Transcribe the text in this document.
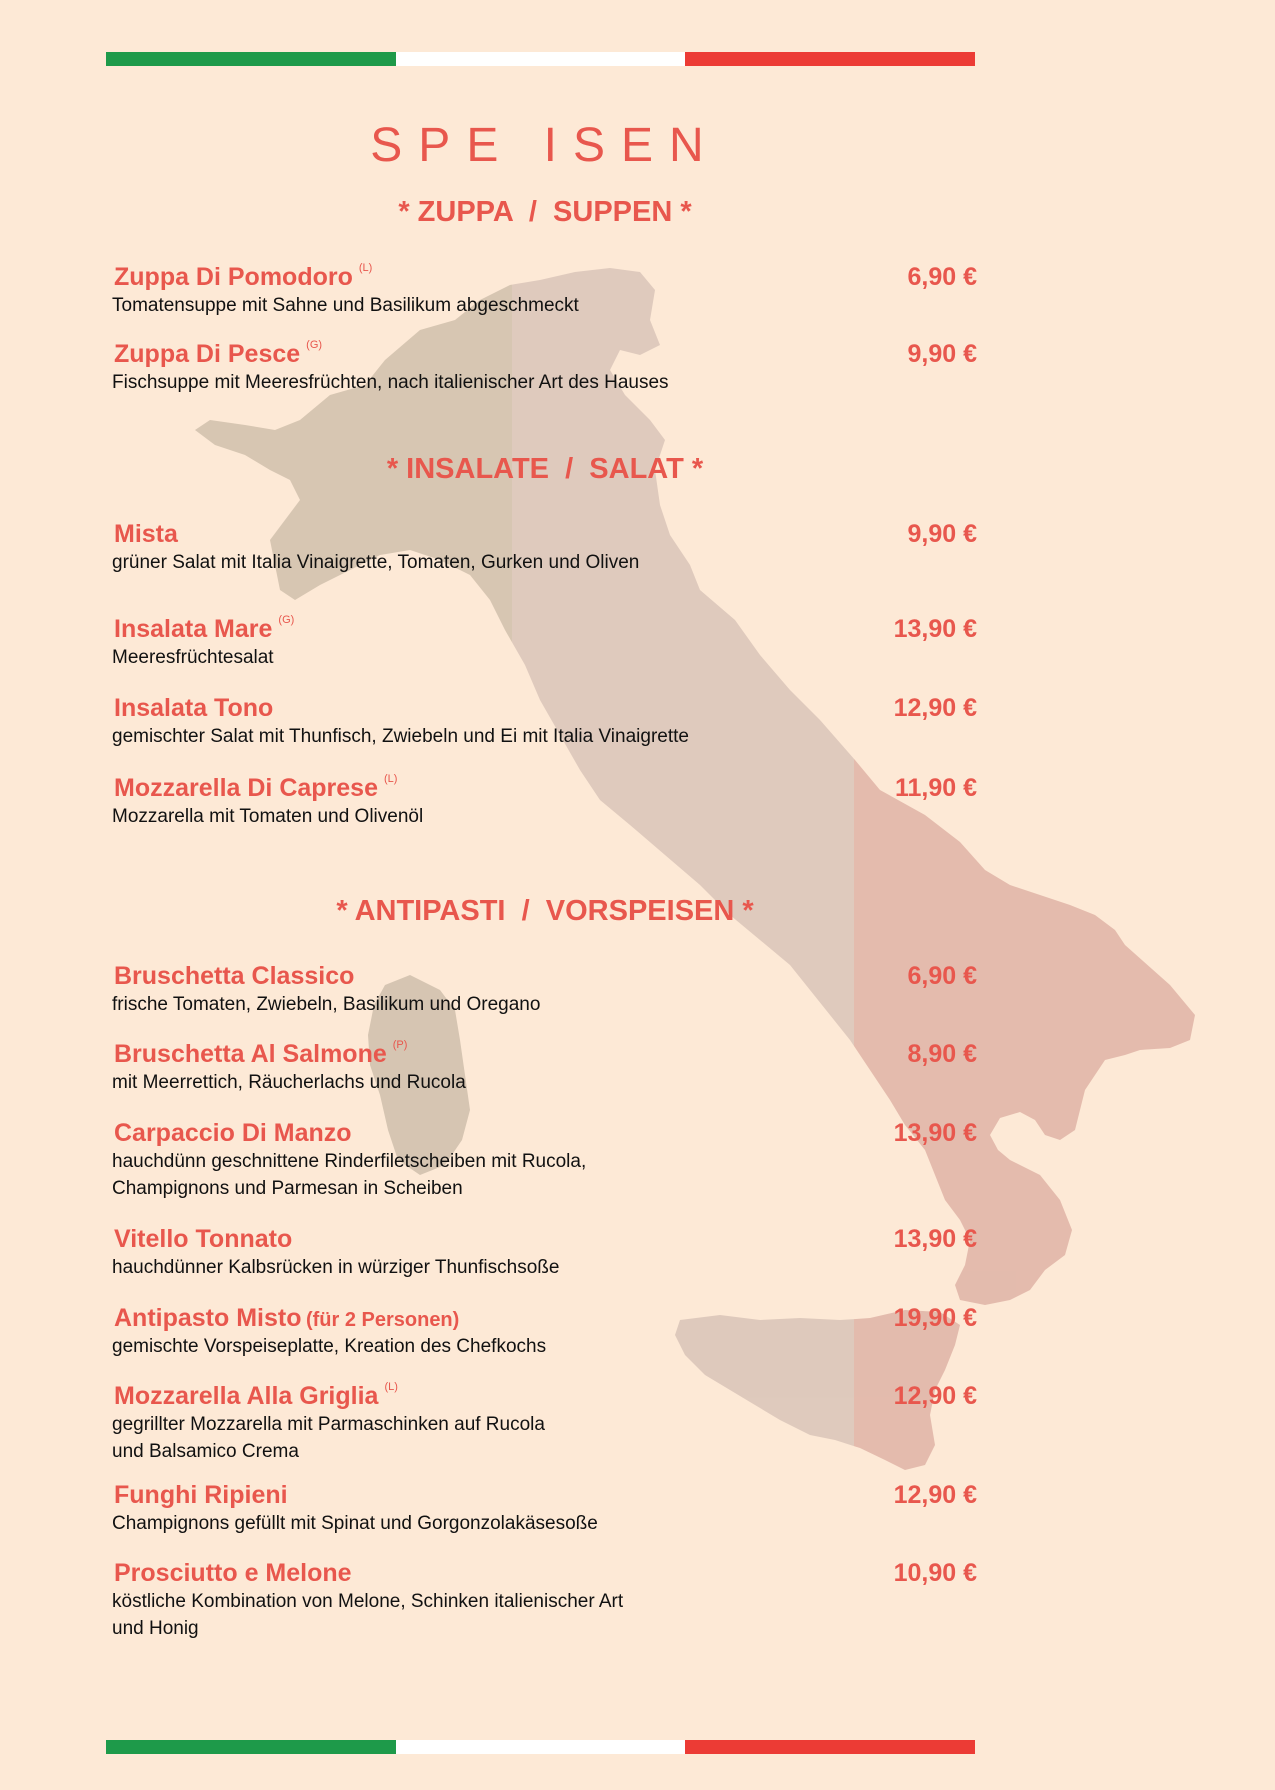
SPE ISEN
* ZUPPA  /  SUPPEN *
Zuppa Di Pomodoro $^{(L)}$	6,90 €
Tomatensuppe mit Sahne und Basilikum abgeschmeckt
Zuppa Di Pesce $^{(G)}$	9,90 €
Fischsuppe mit Meeresfrüchten, nach italienischer Art des Hauses
* INSALATE  /  SALAT *
Mista	9,90 €
grüner Salat mit Italia Vinaigrette, Tomaten, Gurken und Oliven
Insalata Mare $^{(G)}$	13,90 €
Meeresfrüchtesalat
Insalata Tono	12,90 €
gemischter Salat mit Thunfisch, Zwiebeln und Ei mit Italia Vinaigrette
Mozzarella Di Caprese $^{(L)}$	11,90 €
Mozzarella mit Tomaten und Olivenöl
* ANTIPASTI  /  VORSPEISEN *
Bruschetta Classico	6,90 €
frische Tomaten, Zwiebeln, Basilikum und Oregano
Bruschetta Al Salmone $^{(P)}$	8,90 €
mit Meerrettich, Räucherlachs und Rucola
Carpaccio Di Manzo	13,90 €
hauchdünn geschnittene Rinderfiletscheiben mit Rucola,
Champignons und Parmesan in Scheiben
Vitello Tonnato	13,90 €
hauchdünner Kalbsrücken in würziger Thunfischsoße
Antipasto Misto (für 2 Personen)	19,90 €
gemischte Vorspeiseplatte, Kreation des Chefkochs
Mozzarella Alla Griglia $^{(L)}$	12,90 €
gegrillter Mozzarella mit Parmaschinken auf Rucola
und Balsamico Crema
Funghi Ripieni	12,90 €
Champignons gefüllt mit Spinat und Gorgonzolakäsesoße
Prosciutto e Melone	10,90 €
köstliche Kombination von Melone, Schinken italienischer Art
und Honig
